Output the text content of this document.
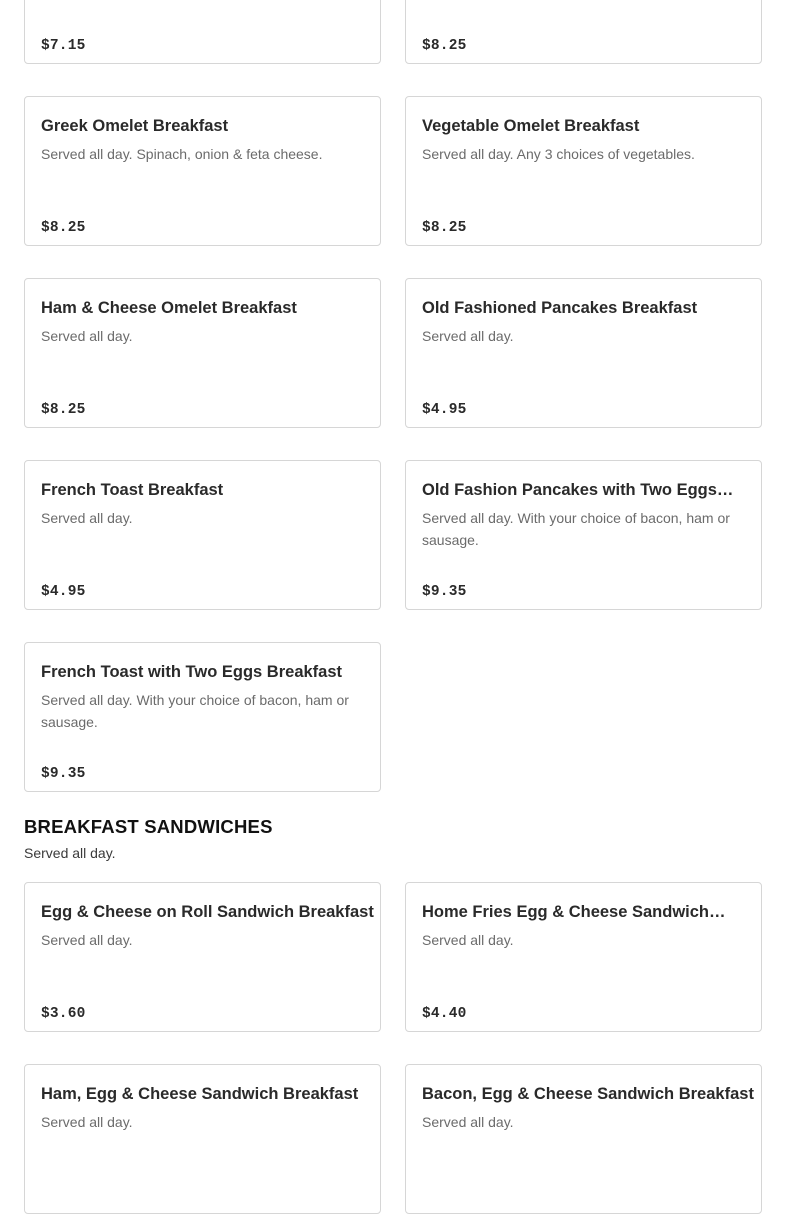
$7.15	$8.25
Greek Omelet Breakfast
Served all day. Spinach, onion & feta cheese.
$8.25
Vegetable Omelet Breakfast
Served all day. Any 3 choices of vegetables.
$8.25
Ham & Cheese Omelet Breakfast
Served all day.
$8.25
Old Fashioned Pancakes Breakfast
Served all day.
$4.95
French Toast Breakfast
Served all day.
$4.95
Old Fashion Pancakes with Two Eggs…
Served all day. With your choice of bacon, ham or sausage.
$9.35
French Toast with Two Eggs Breakfast
Served all day. With your choice of bacon, ham or sausage.
$9.35
BREAKFAST SANDWICHES
Served all day.
Egg & Cheese on Roll Sandwich Breakfast
Served all day.
$3.60
Home Fries Egg & Cheese Sandwich…
Served all day.
$4.40
Ham, Egg & Cheese Sandwich Breakfast
Served all day.
Bacon, Egg & Cheese Sandwich Breakfast
Served all day.
